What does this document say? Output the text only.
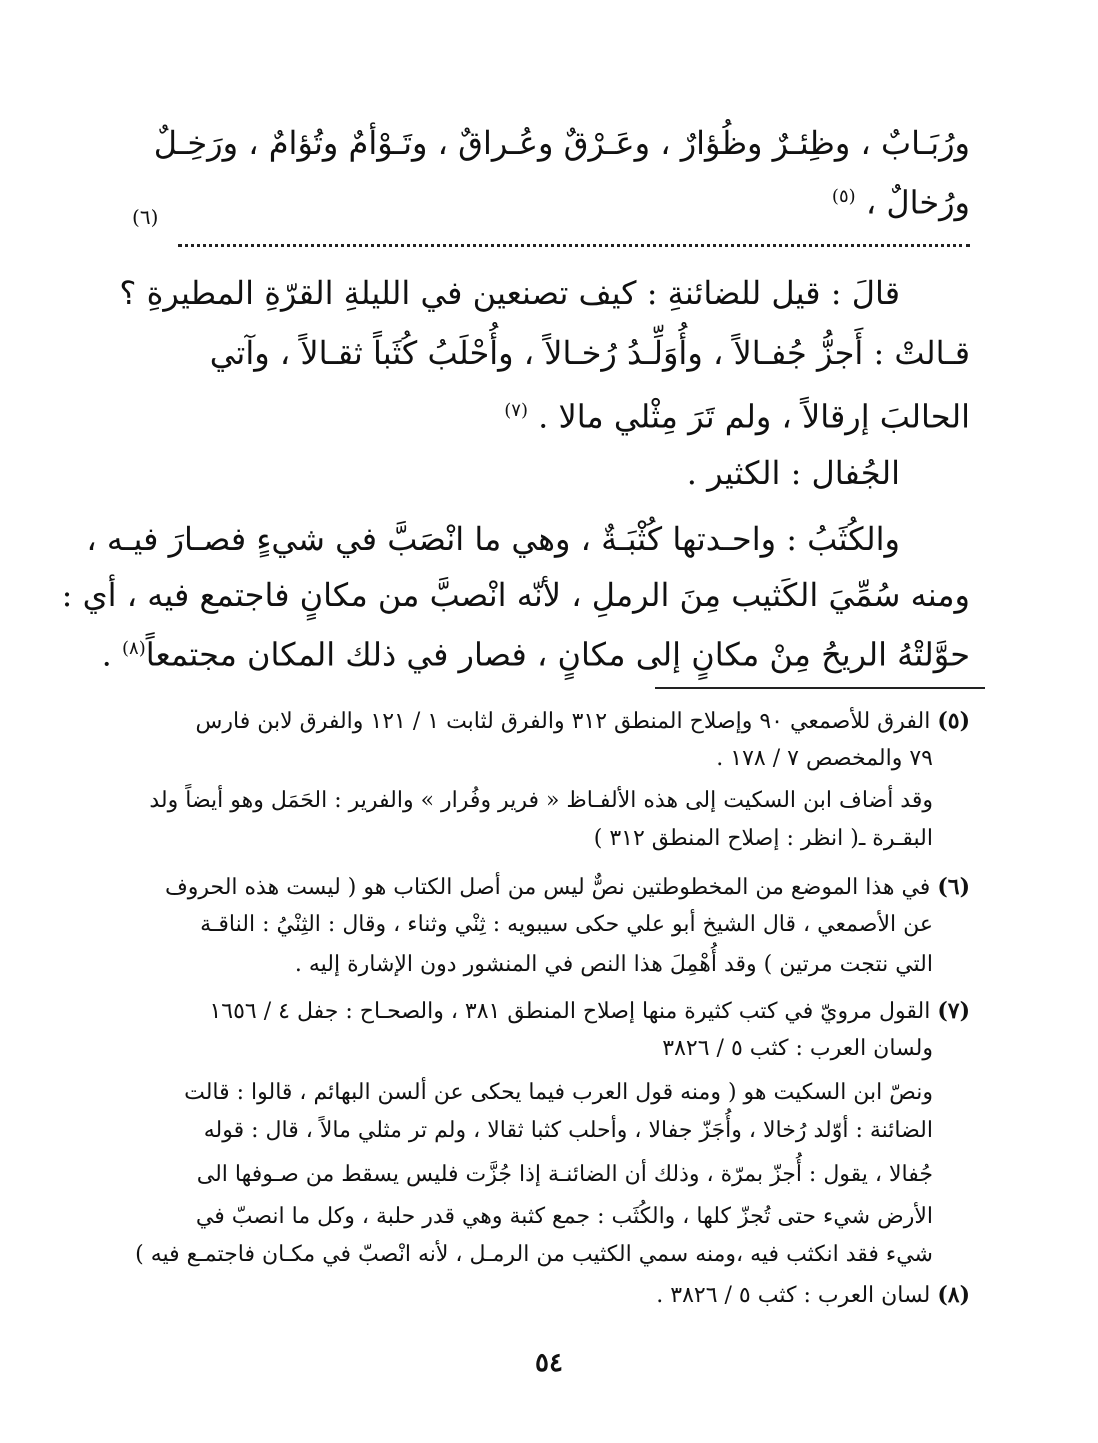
ورُبَـابٌ ، وظِئـرٌ وظُؤارٌ ، وعَـرْقٌ وعُـراقٌ ، وتَـوْأمٌ وتُؤامٌ ، ورَخِـلٌ
ورُخالٌ ، $^{(٥)}$
(٦)
قالَ : قيل للضائنةِ : كيف تصنعين في الليلةِ القرّةِ المطيرةِ ؟
قـالتْ : أَجزُّ جُفـالاً ، وأُوَلِّـدُ رُخـالاً ، وأُحْلَبُ كُثَباً ثقـالاً ، وآتي
الحالبَ إرقالاً ، ولم تَرَ مِثْلي مالا . $^{(٧)}$
الجُفال : الكثير .
والكُثَبُ : واحـدتها كُثْبَـةٌ ، وهي ما انْصَبَّ في شيءٍ فصـارَ فيـه ،
ومنه سُمِّيَ الكَثيب مِنَ الرملِ ، لأنّه انْصبَّ من مكانٍ فاجتمع فيه ، أي :
حوَّلتْهُ الريحُ مِنْ مكانٍ إلى مكانٍ ، فصار في ذلك المكان مجتمعاً$^{(٨)}$ .
(٥) الفرق للأصمعي ٩٠ وإصلاح المنطق ٣١٢ والفرق لثابت ١ / ١٢١ والفرق لابن فارس
٧٩ والمخصص ٧ / ١٧٨ .
وقد أضاف ابن السكيت إلى هذه الألفـاظ « فرير وفُرار » والفرير : الحَمَل وهو أيضاً ولد
البقـرة ـ( انظر : إصلاح المنطق ٣١٢ )
(٦) في هذا الموضع من المخطوطتين نصٌّ ليس من أصل الكتاب هو ( ليست هذه الحروف
عن الأصمعي ، قال الشيخ أبو علي حكى سيبويه : ثِنْي وثناء ، وقال : الثِنْيُ : الناقـة
التي نتجت مرتين ) وقد أُهْمِلَ هذا النص في المنشور دون الإشارة إليه .
(٧) القول مرويّ في كتب كثيرة منها إصلاح المنطق ٣٨١ ، والصحـاح : جفل ٤ / ١٦٥٦
ولسان العرب : كثب ٥ / ٣٨٢٦
ونصّ ابن السكيت هو ( ومنه قول العرب فيما يحكى عن ألسن البهائم ، قالوا : قالت
الضائنة : أوّلد رُخالا ، وأُجَزّ جفالا ، وأحلب كثبا ثقالا ، ولم تر مثلي مالاً ، قال : قوله
جُفالا ، يقول : أُجزّ بمرّة ، وذلك أن الضائنـة إذا جُزَّت فليس يسقط من صـوفها الى
الأرض شيء حتى تُجزّ كلها ، والكُثَب : جمع كثبة وهي قدر حلبة ، وكل ما انصبّ في
شيء فقد انكثب فيه ،ومنه سمي الكثيب من الرمـل ، لأنه انْصبّ في مكـان فاجتمـع فيه )
(٨) لسان العرب : كثب ٥ / ٣٨٢٦ .
٥٤
